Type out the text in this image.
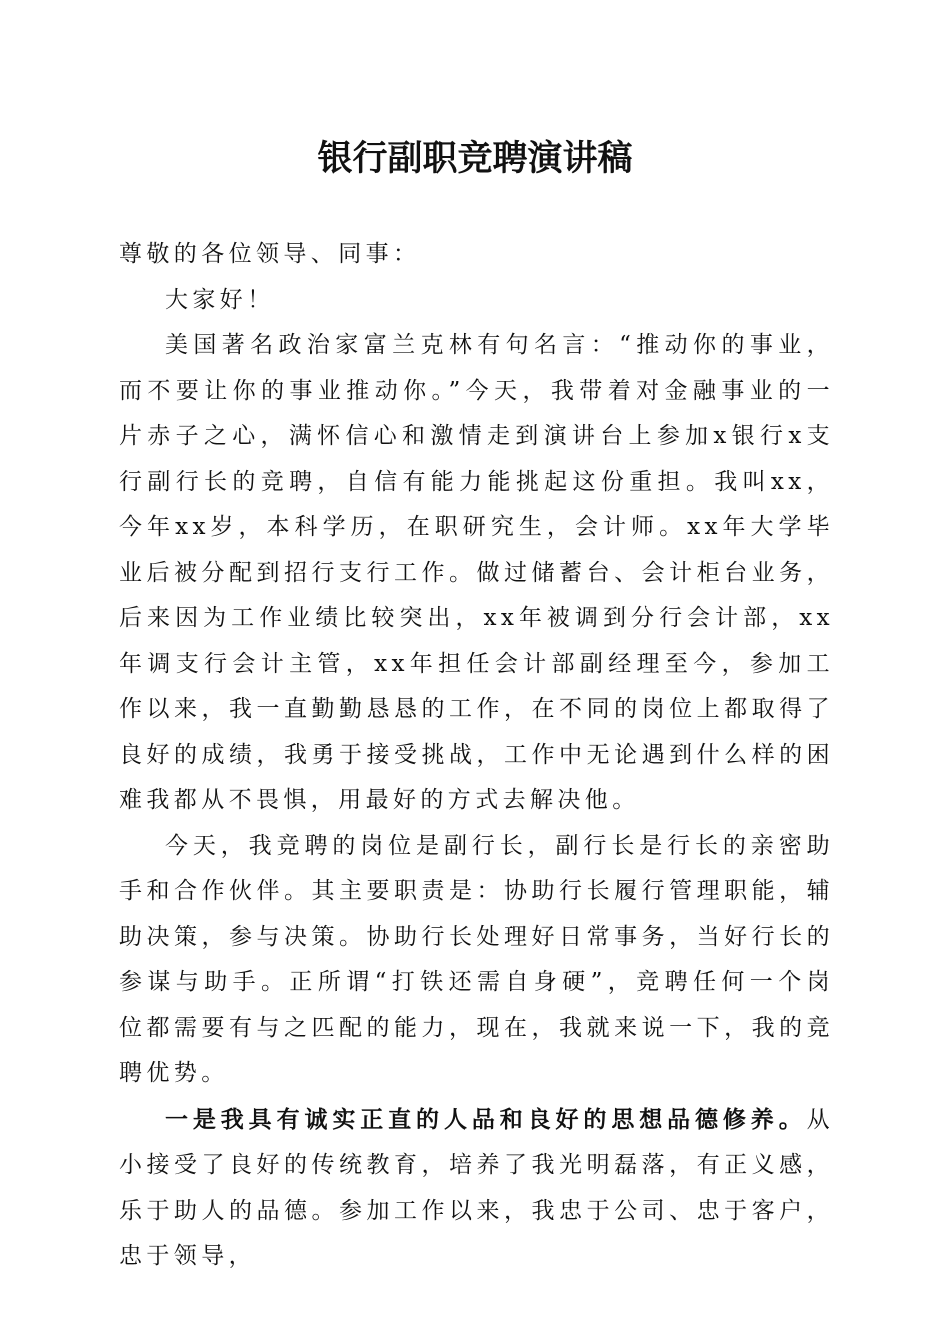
银行副职竞聘演讲稿

尊敬的各位领导、同事：

大家好！

美国著名政治家富兰克林有句名言：“推动你的事业，而不要让你的事业推动你。”今天，我带着对金融事业的一片赤子之心，满怀信心和激情走到演讲台上参加x银行x支行副行长的竞聘，自信有能力能挑起这份重担。我叫xx，今年xx岁，本科学历，在职研究生，会计师。xx年大学毕业后被分配到招行支行工作。做过储蓄台、会计柜台业务，后来因为工作业绩比较突出，xx年被调到分行会计部，xx年调支行会计主管，xx年担任会计部副经理至今，参加工作以来，我一直勤勤恳恳的工作，在不同的岗位上都取得了良好的成绩，我勇于接受挑战，工作中无论遇到什么样的困难我都从不畏惧，用最好的方式去解决他。

今天，我竞聘的岗位是副行长，副行长是行长的亲密助手和合作伙伴。其主要职责是：协助行长履行管理职能，辅助决策，参与决策。协助行长处理好日常事务，当好行长的参谋与助手。正所谓“打铁还需自身硬”，竞聘任何一个岗位都需要有与之匹配的能力，现在，我就来说一下，我的竞聘优势。

一是我具有诚实正直的人品和良好的思想品德修养。从小接受了良好的传统教育，培养了我光明磊落，有正义感，乐于助人的品德。参加工作以来，我忠于公司、忠于客户，忠于领导，
